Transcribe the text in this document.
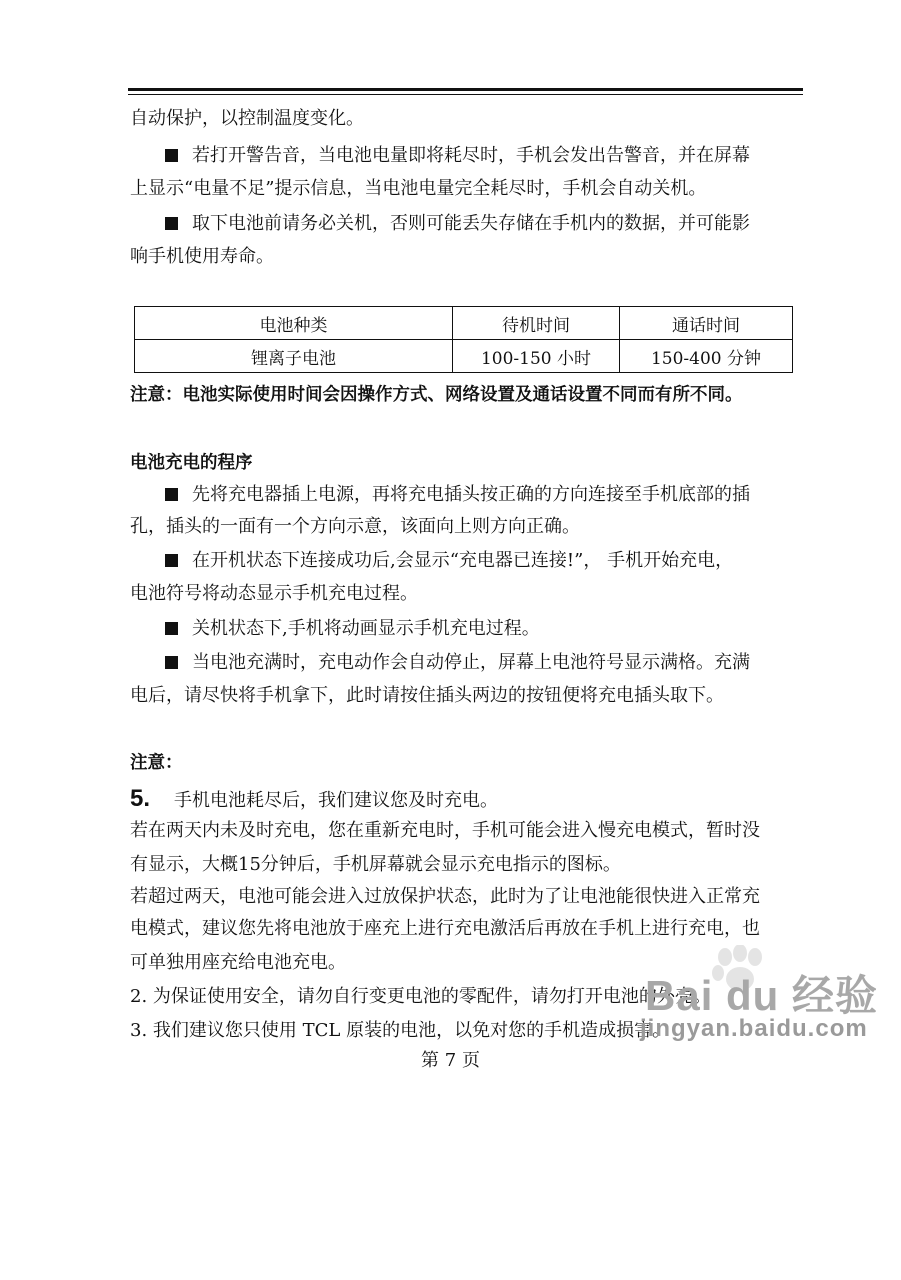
自动保护，以控制温度变化。
若打开警告音，当电池电量即将耗尽时，手机会发出告警音，并在屏幕
上显示“电量不足”提示信息，当电池电量完全耗尽时，手机会自动关机。
取下电池前请务必关机，否则可能丢失存储在手机内的数据，并可能影
响手机使用寿命。
电池种类	待机时间	通话时间
锂离子电池	100-150 小时	150-400 分钟
注意：电池实际使用时间会因操作方式、网络设置及通话设置不同而有所不同。
电池充电的程序
先将充电器插上电源，再将充电插头按正确的方向连接至手机底部的插
孔，插头的一面有一个方向示意，该面向上则方向正确。
在开机状态下连接成功后,会显示“充电器已连接!”， 手机开始充电，
电池符号将动态显示手机充电过程。
关机状态下,手机将动画显示手机充电过程。
当电池充满时，充电动作会自动停止，屏幕上电池符号显示满格。充满
电后，请尽快将手机拿下，此时请按住插头两边的按钮便将充电插头取下。
注意：
5. 手机电池耗尽后，我们建议您及时充电。
若在两天内未及时充电，您在重新充电时，手机可能会进入慢充电模式，暂时没
有显示，大概15分钟后，手机屏幕就会显示充电指示的图标。
若超过两天，电池可能会进入过放保护状态，此时为了让电池能很快进入正常充
电模式，建议您先将电池放于座充上进行充电激活后再放在手机上进行充电，也
可单独用座充给电池充电。
2. 为保证使用安全，请勿自行变更电池的零配件，请勿打开电池的外壳。
3. 我们建议您只使用 TCL 原装的电池，以免对您的手机造成损害。
第 7 页
Bai du 经验
jingyan.baidu.com
